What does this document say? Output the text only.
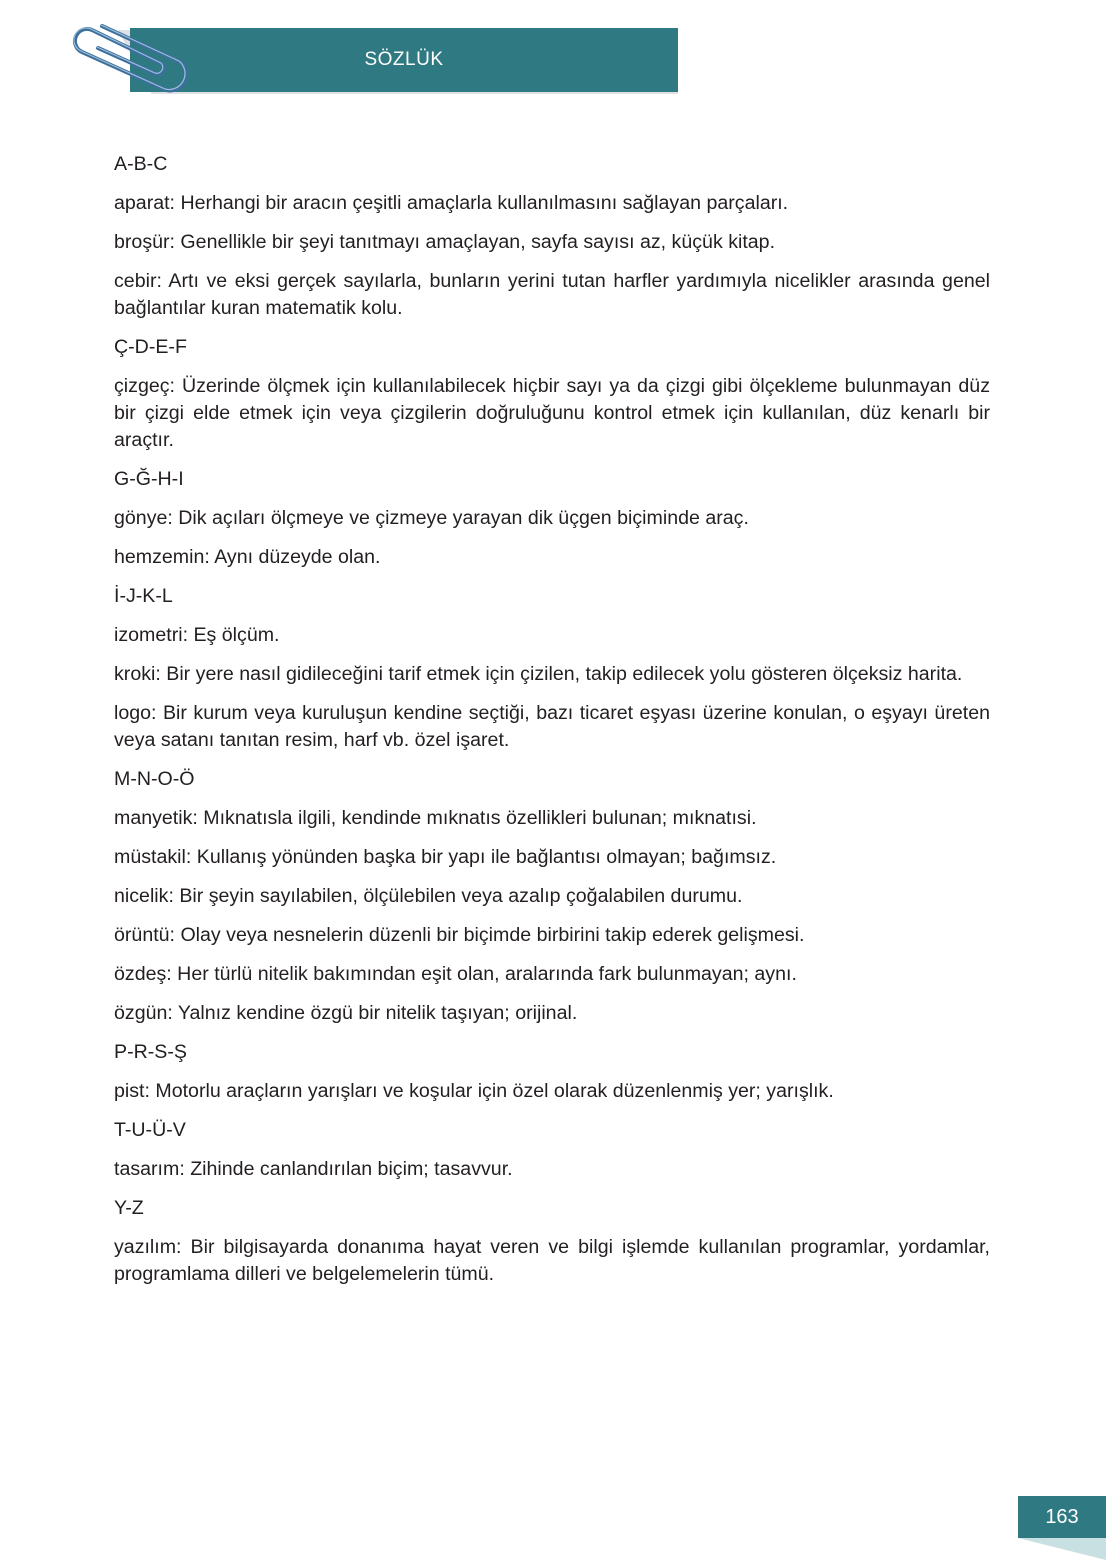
SÖZLÜK
A-B-C
aparat: Herhangi bir aracın çeşitli amaçlarla kullanılmasını sağlayan parçaları.
broşür: Genellikle bir şeyi tanıtmayı amaçlayan, sayfa sayısı az, küçük kitap.
cebir: Artı ve eksi gerçek sayılarla, bunların yerini tutan harfler yardımıyla nicelikler arasında genel bağlantılar kuran matematik kolu.
Ç-D-E-F
çizgeç: Üzerinde ölçmek için kullanılabilecek hiçbir sayı ya da çizgi gibi ölçekleme bulunmayan düz bir çizgi elde etmek için veya çizgilerin doğruluğunu kontrol etmek için kullanılan, düz kenarlı bir araçtır.
G-Ğ-H-I
gönye: Dik açıları ölçmeye ve çizmeye yarayan dik üçgen biçiminde araç.
hemzemin: Aynı düzeyde olan.
İ-J-K-L
izometri: Eş ölçüm.
kroki: Bir yere nasıl gidileceğini tarif etmek için çizilen, takip edilecek yolu gösteren ölçeksiz harita.
logo: Bir kurum veya kuruluşun kendine seçtiği, bazı ticaret eşyası üzerine konulan, o eşyayı üreten veya satanı tanıtan resim, harf vb. özel işaret.
M-N-O-Ö
manyetik: Mıknatısla ilgili, kendinde mıknatıs özellikleri bulunan; mıknatısi.
müstakil: Kullanış yönünden başka bir yapı ile bağlantısı olmayan; bağımsız.
nicelik: Bir şeyin sayılabilen, ölçülebilen veya azalıp çoğalabilen durumu.
örüntü: Olay veya nesnelerin düzenli bir biçimde birbirini takip ederek gelişmesi.
özdeş: Her türlü nitelik bakımından eşit olan, aralarında fark bulunmayan; aynı.
özgün: Yalnız kendine özgü bir nitelik taşıyan; orijinal.
P-R-S-Ş
pist: Motorlu araçların yarışları ve koşular için özel olarak düzenlenmiş yer; yarışlık.
T-U-Ü-V
tasarım: Zihinde canlandırılan biçim; tasavvur.
Y-Z
yazılım: Bir bilgisayarda donanıma hayat veren ve bilgi işlemde kullanılan programlar, yordamlar, programlama dilleri ve belgelemelerin tümü.
163
